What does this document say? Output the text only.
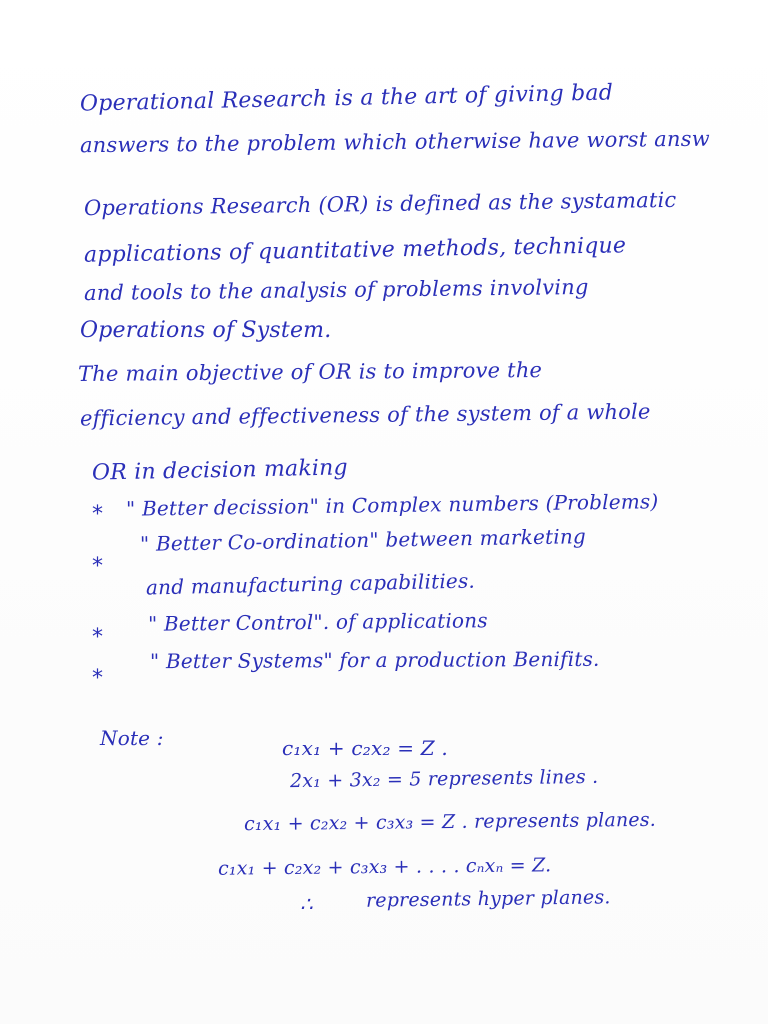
Operational Research is a the art of giving bad
answers to the problem which otherwise have worst answ
Operations Research (OR) is defined as the systamatic
applications of quantitative methods, technique
and tools to the analysis of problems involving
Operations of System.
The main objective of OR is to improve the
efficiency and effectiveness of the system of a whole
OR in decision making
* " Better decission" in Complex numbers (Problems)
*
" Better Co-ordination" between marketing
and manufacturing capabilities.
*
" Better Control". of applications
*
" Better Systems" for a production Benifits.
Note :	c₁x₁ + c₂x₂ = Z .
2x₁ + 3x₂ = 5 represents lines .
c₁x₁ + c₂x₂ + c₃x₃ = Z . represents planes.
c₁x₁ + c₂x₂ + c₃x₃ + . . . . cₙxₙ = Z.
∴	represents hyper planes.
